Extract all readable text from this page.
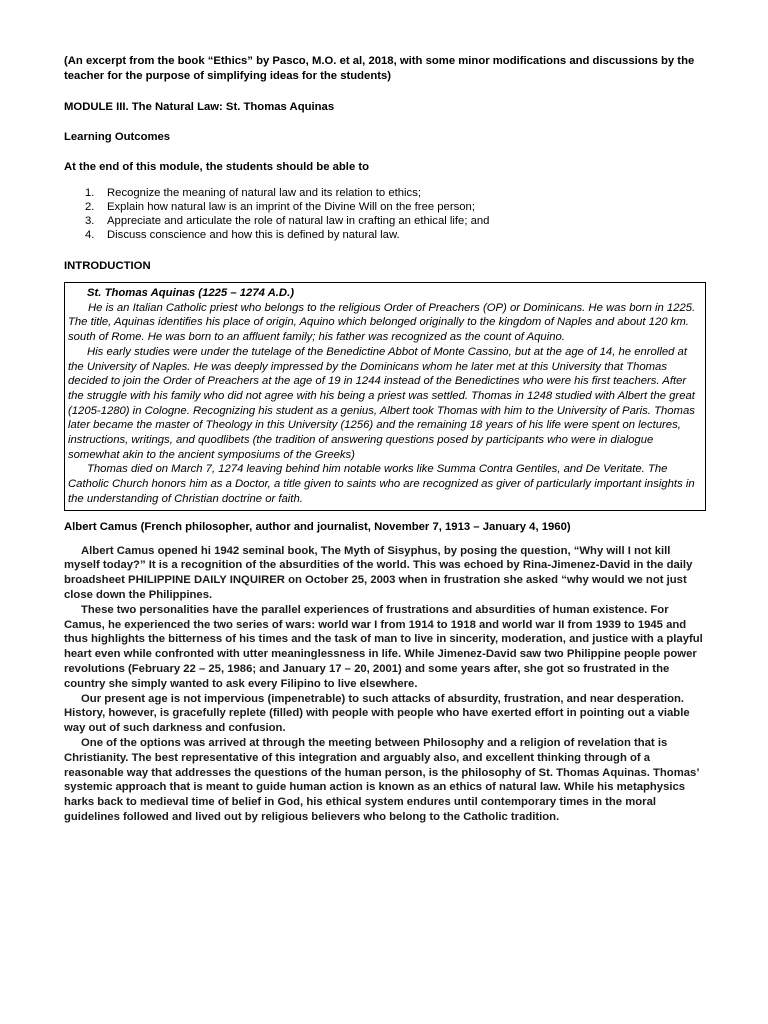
(An excerpt from the book “Ethics” by Pasco, M.O. et al, 2018, with some minor modifications and discussions by the teacher for the purpose of simplifying ideas for the students)

MODULE III. The Natural Law: St. Thomas Aquinas

Learning Outcomes

At the end of this module, the students should be able to

1.	Recognize the meaning of natural law and its relation to ethics;
2.	Explain how natural law is an imprint of the Divine Will on the free person;
3.	Appreciate and articulate the role of natural law in crafting an ethical life; and
4.	Discuss conscience and how this is defined by natural law.

INTRODUCTION

St. Thomas Aquinas (1225 – 1274 A.D.)

He is an Italian Catholic priest who belongs to the religious Order of Preachers (OP) or Dominicans. He was born in 1225. The title, Aquinas identifies his place of origin, Aquino which belonged originally to the kingdom of Naples and about 120 km. south of Rome. He was born to an affluent family; his father was recognized as the count of Aquino.

His early studies were under the tutelage of the Benedictine Abbot of Monte Cassino, but at the age of 14, he enrolled at the University of Naples. He was deeply impressed by the Dominicans whom he later met at this University that Thomas decided to join the Order of Preachers at the age of 19 in 1244 instead of the Benedictines who were his first teachers. After the struggle with his family who did not agree with his being a priest was settled. Thomas in 1248 studied with Albert the great (1205-1280) in Cologne. Recognizing his student as a genius, Albert took Thomas with him to the University of Paris. Thomas later became the master of Theology in this University (1256) and the remaining 18 years of his life were spent on lectures, instructions, writings, and quodlibets (the tradition of answering questions posed by participants who were in dialogue somewhat akin to the ancient symposiums of the Greeks)

Thomas died on March 7, 1274 leaving behind him notable works like Summa Contra Gentiles, and De Veritate. The Catholic Church honors him as a Doctor, a title given to saints who are recognized as giver of particularly important insights in the understanding of Christian doctrine or faith.

Albert Camus (French philosopher, author and journalist, November 7, 1913 – January 4, 1960)

Albert Camus opened hi 1942 seminal book, The Myth of Sisyphus, by posing the question, “Why will I not kill myself today?” It is a recognition of the absurdities of the world. This was echoed by Rina-Jimenez-David in the daily broadsheet PHILIPPINE DAILY INQUIRER on October 25, 2003 when in frustration she asked “why would we not just close down the Philippines.

These two personalities have the parallel experiences of frustrations and absurdities of human existence. For Camus, he experienced the two series of wars: world war I from 1914 to 1918 and world war II from 1939 to 1945 and thus highlights the bitterness of his times and the task of man to live in sincerity, moderation, and justice with a playful heart even while confronted with utter meaninglessness in life. While Jimenez-David saw two Philippine people power revolutions (February 22 – 25, 1986; and January 17 – 20, 2001) and some years after, she got so frustrated in the country she simply wanted to ask every Filipino to live elsewhere.

Our present age is not impervious (impenetrable) to such attacks of absurdity, frustration, and near desperation. History, however, is gracefully replete (filled) with people with people who have exerted effort in pointing out a viable way out of such darkness and confusion.

One of the options was arrived at through the meeting between Philosophy and a religion of revelation that is Christianity. The best representative of this integration and arguably also, and excellent thinking through of a reasonable way that addresses the questions of the human person, is the philosophy of St. Thomas Aquinas. Thomas’ systemic approach that is meant to guide human action is known as an ethics of natural law. While his metaphysics harks back to medieval time of belief in God, his ethical system endures until contemporary times in the moral guidelines followed and lived out by religious believers who belong to the Catholic tradition.
